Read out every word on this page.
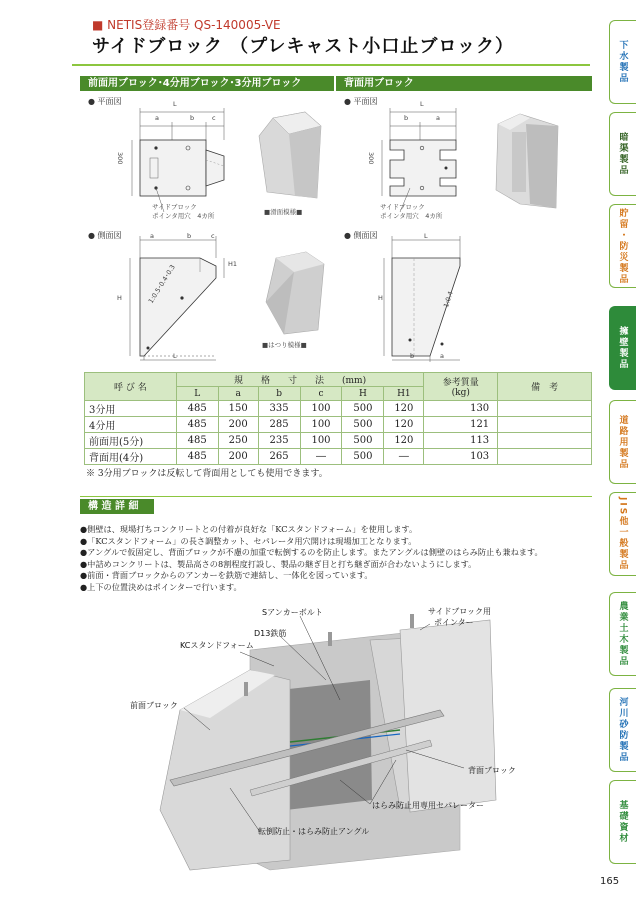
■ NETIS登録番号 QS-140005-VE
サイドブロック （プレキャスト小口止ブロック）
前面用ブロック･4分用ブロック･3分用ブロック	背面用ブロック
● 平面図	L
a	b	c
300
サイドブロック
ポインタ用穴　4カ所	■滑面模様■
● 側面図	a	b	c
H
H1
1:0.5･0.4･0.3
L
■はつり模様■
● 平面図	L
b	a
300
サイドブロック
ポインタ用穴　4カ所
● 側面図	L
H	1:0.4
b	a
呼 び 名	規　　格　　寸　　法　　(mm)						参考質量
(kg)	備　考
	L	a	b	c	H	H1		
3分用	485	150	335	100	500	120	130	
4分用	485	200	285	100	500	120	121	
前面用(5分)	485	250	235	100	500	120	113	
背面用(4分)	485	200	265	―	500	―	103	
※ 3分用ブロックは反転して背面用としても使用できます。
構 造 詳 細
●側壁は、現場打ちコンクリートとの付着が良好な「KCスタンドフォーム」を使用します。
●「KCスタンドフォーム」の長さ調整カット、セパレータ用穴開けは現場加工となります。
●アングルで仮固定し、背面ブロックが不慮の加重で転倒するのを防止します。またアングルは側壁のはらみ防止も兼ねます。
●中詰めコンクリートは、製品高さの8割程度打設し、製品の継ぎ目と打ち継ぎ面が合わないようにします。
●前面・背面ブロックからのアンカーを鉄筋で連結し、一体化を図っています。
●上下の位置決めはポインターで行います。
Sアンカーボルト	サイドブロック用
ポインター
D13鉄筋
KCスタンドフォーム
前面ブロック
背面ブロック
はらみ防止用専用セパレーター
転倒防止・はらみ防止アングル
下水製品
暗渠製品
貯留・防災製品
擁壁製品
道路用製品
JIS他一般製品
農業土木製品
河川砂防製品
基礎資材
165
